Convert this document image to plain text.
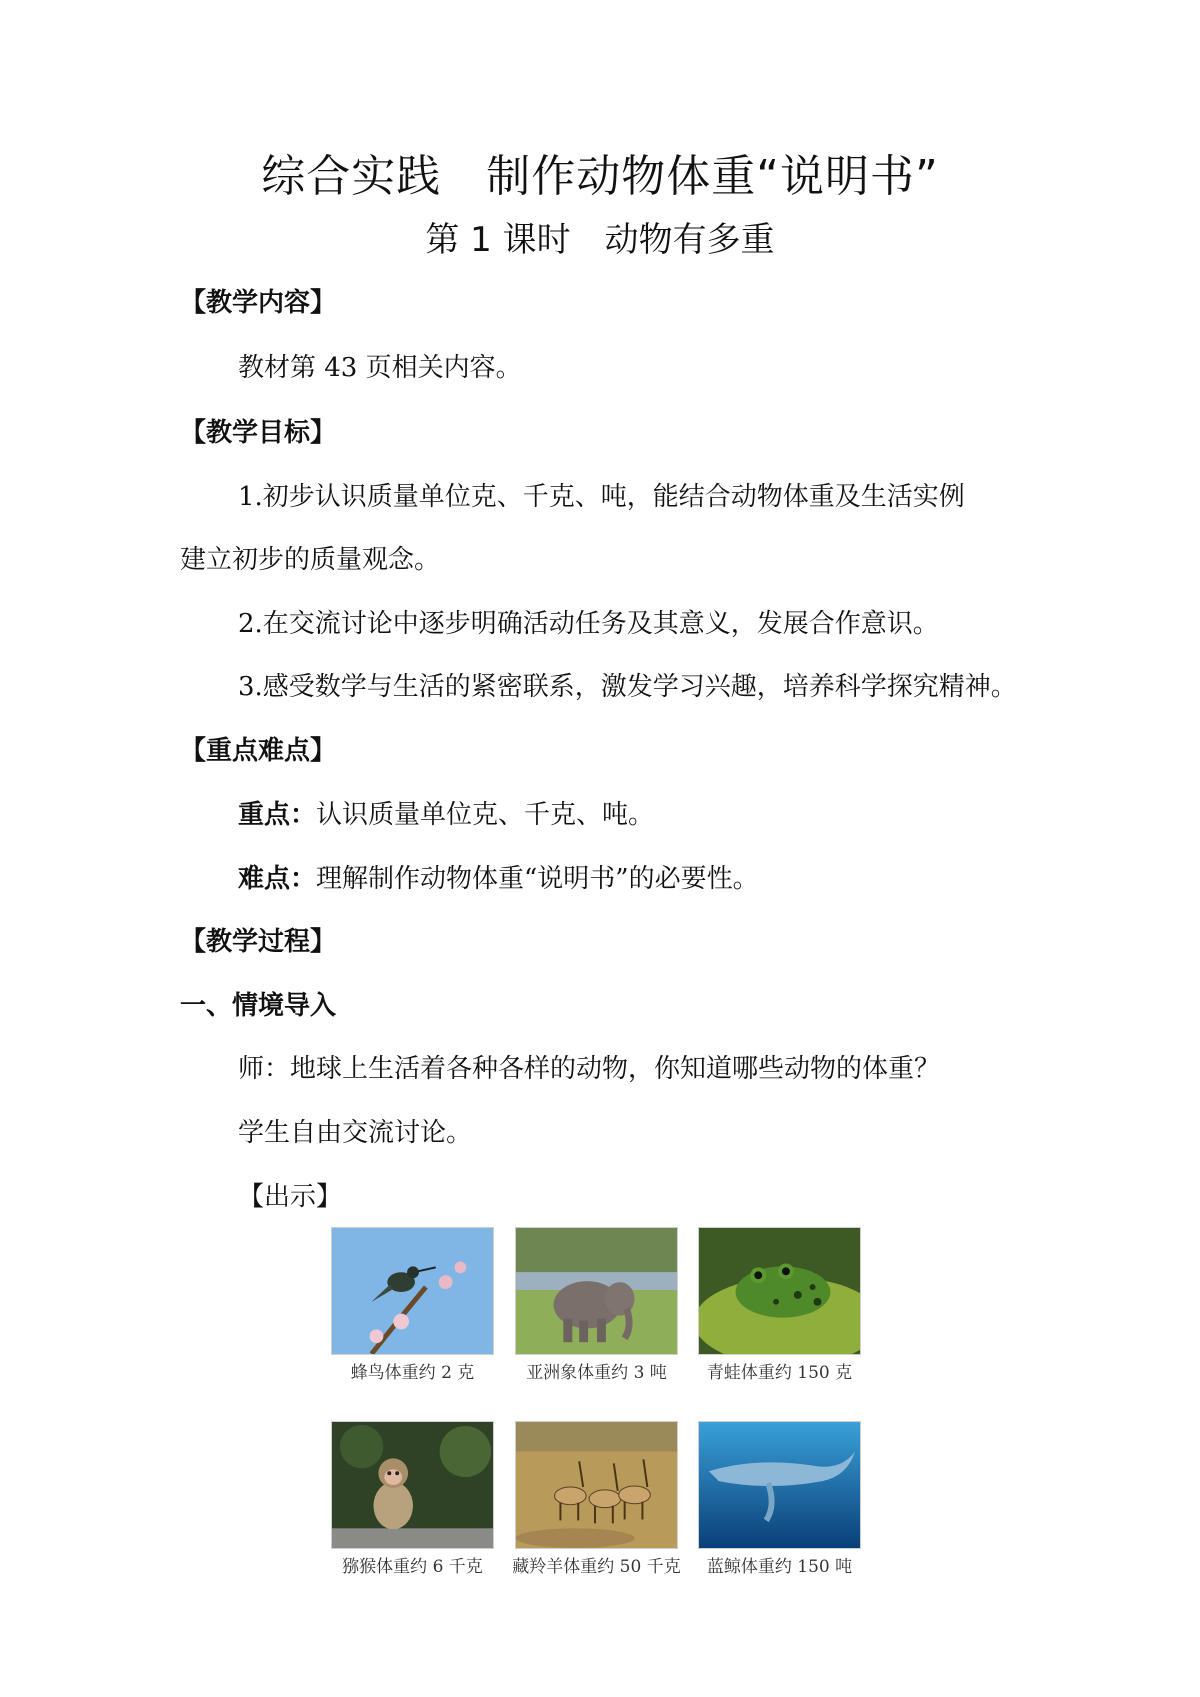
综合实践　制作动物体重“说明书”
第 1 课时　动物有多重
【教学内容】
教材第 43 页相关内容。
【教学目标】
1.初步认识质量单位克、千克、吨，能结合动物体重及生活实例
建立初步的质量观念。
2.在交流讨论中逐步明确活动任务及其意义，发展合作意识。
3.感受数学与生活的紧密联系，激发学习兴趣，培养科学探究精神。
【重点难点】
重点：认识质量单位克、千克、吨。
难点：理解制作动物体重“说明书”的必要性。
【教学过程】
一、情境导入
师：地球上生活着各种各样的动物，你知道哪些动物的体重？
学生自由交流讨论。
【出示】
蜂鸟体重约 2 克	亚洲象体重约 3 吨	青蛙体重约 150 克
猕猴体重约 6 千克	藏羚羊体重约 50 千克	蓝鲸体重约 150 吨
